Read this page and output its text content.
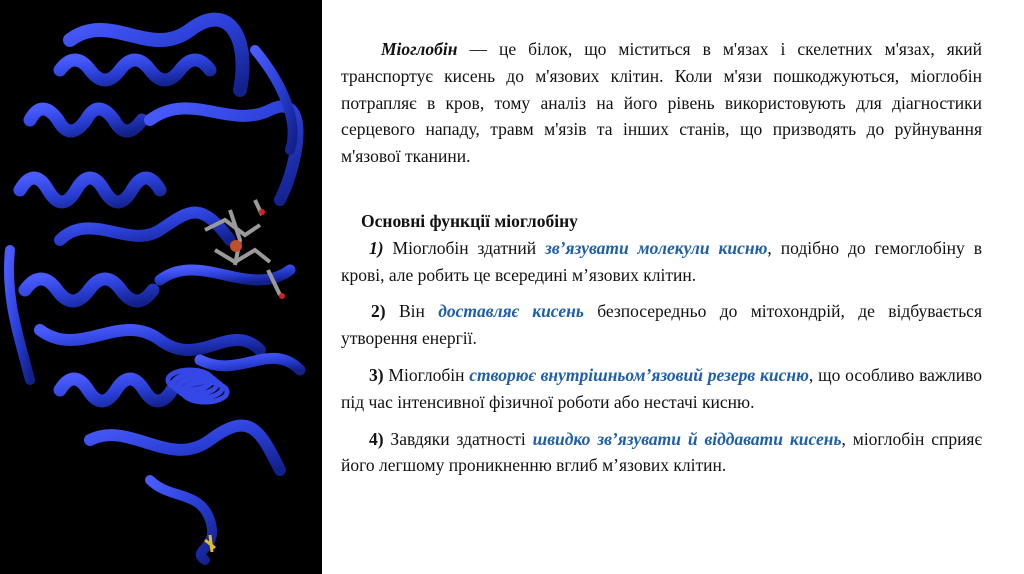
Міоглобін — це білок, що міститься в м'язах і скелетних м'язах, який транспортує кисень до м'язових клітин. Коли м'язи пошкоджуються, міоглобін потрапляє в кров, тому аналіз на його рівень використовують для діагностики серцевого нападу, травм м'язів та інших станів, що призводять до руйнування м'язової тканини.

Основні функції міоглобіну

1) Міоглобін здатний зв’язувати молекули кисню, подібно до гемоглобіну в крові, але робить це всередині м’язових клітин.

2) Він доставляє кисень безпосередньо до мітохондрій, де відбувається утворення енергії.

3) Міоглобін створює внутрішньом’язовий резерв кисню, що особливо важливо під час інтенсивної фізичної роботи або нестачі кисню.

4) Завдяки здатності швидко зв’язувати й віддавати кисень, міоглобін сприяє його легшому проникненню вглиб м’язових клітин.
